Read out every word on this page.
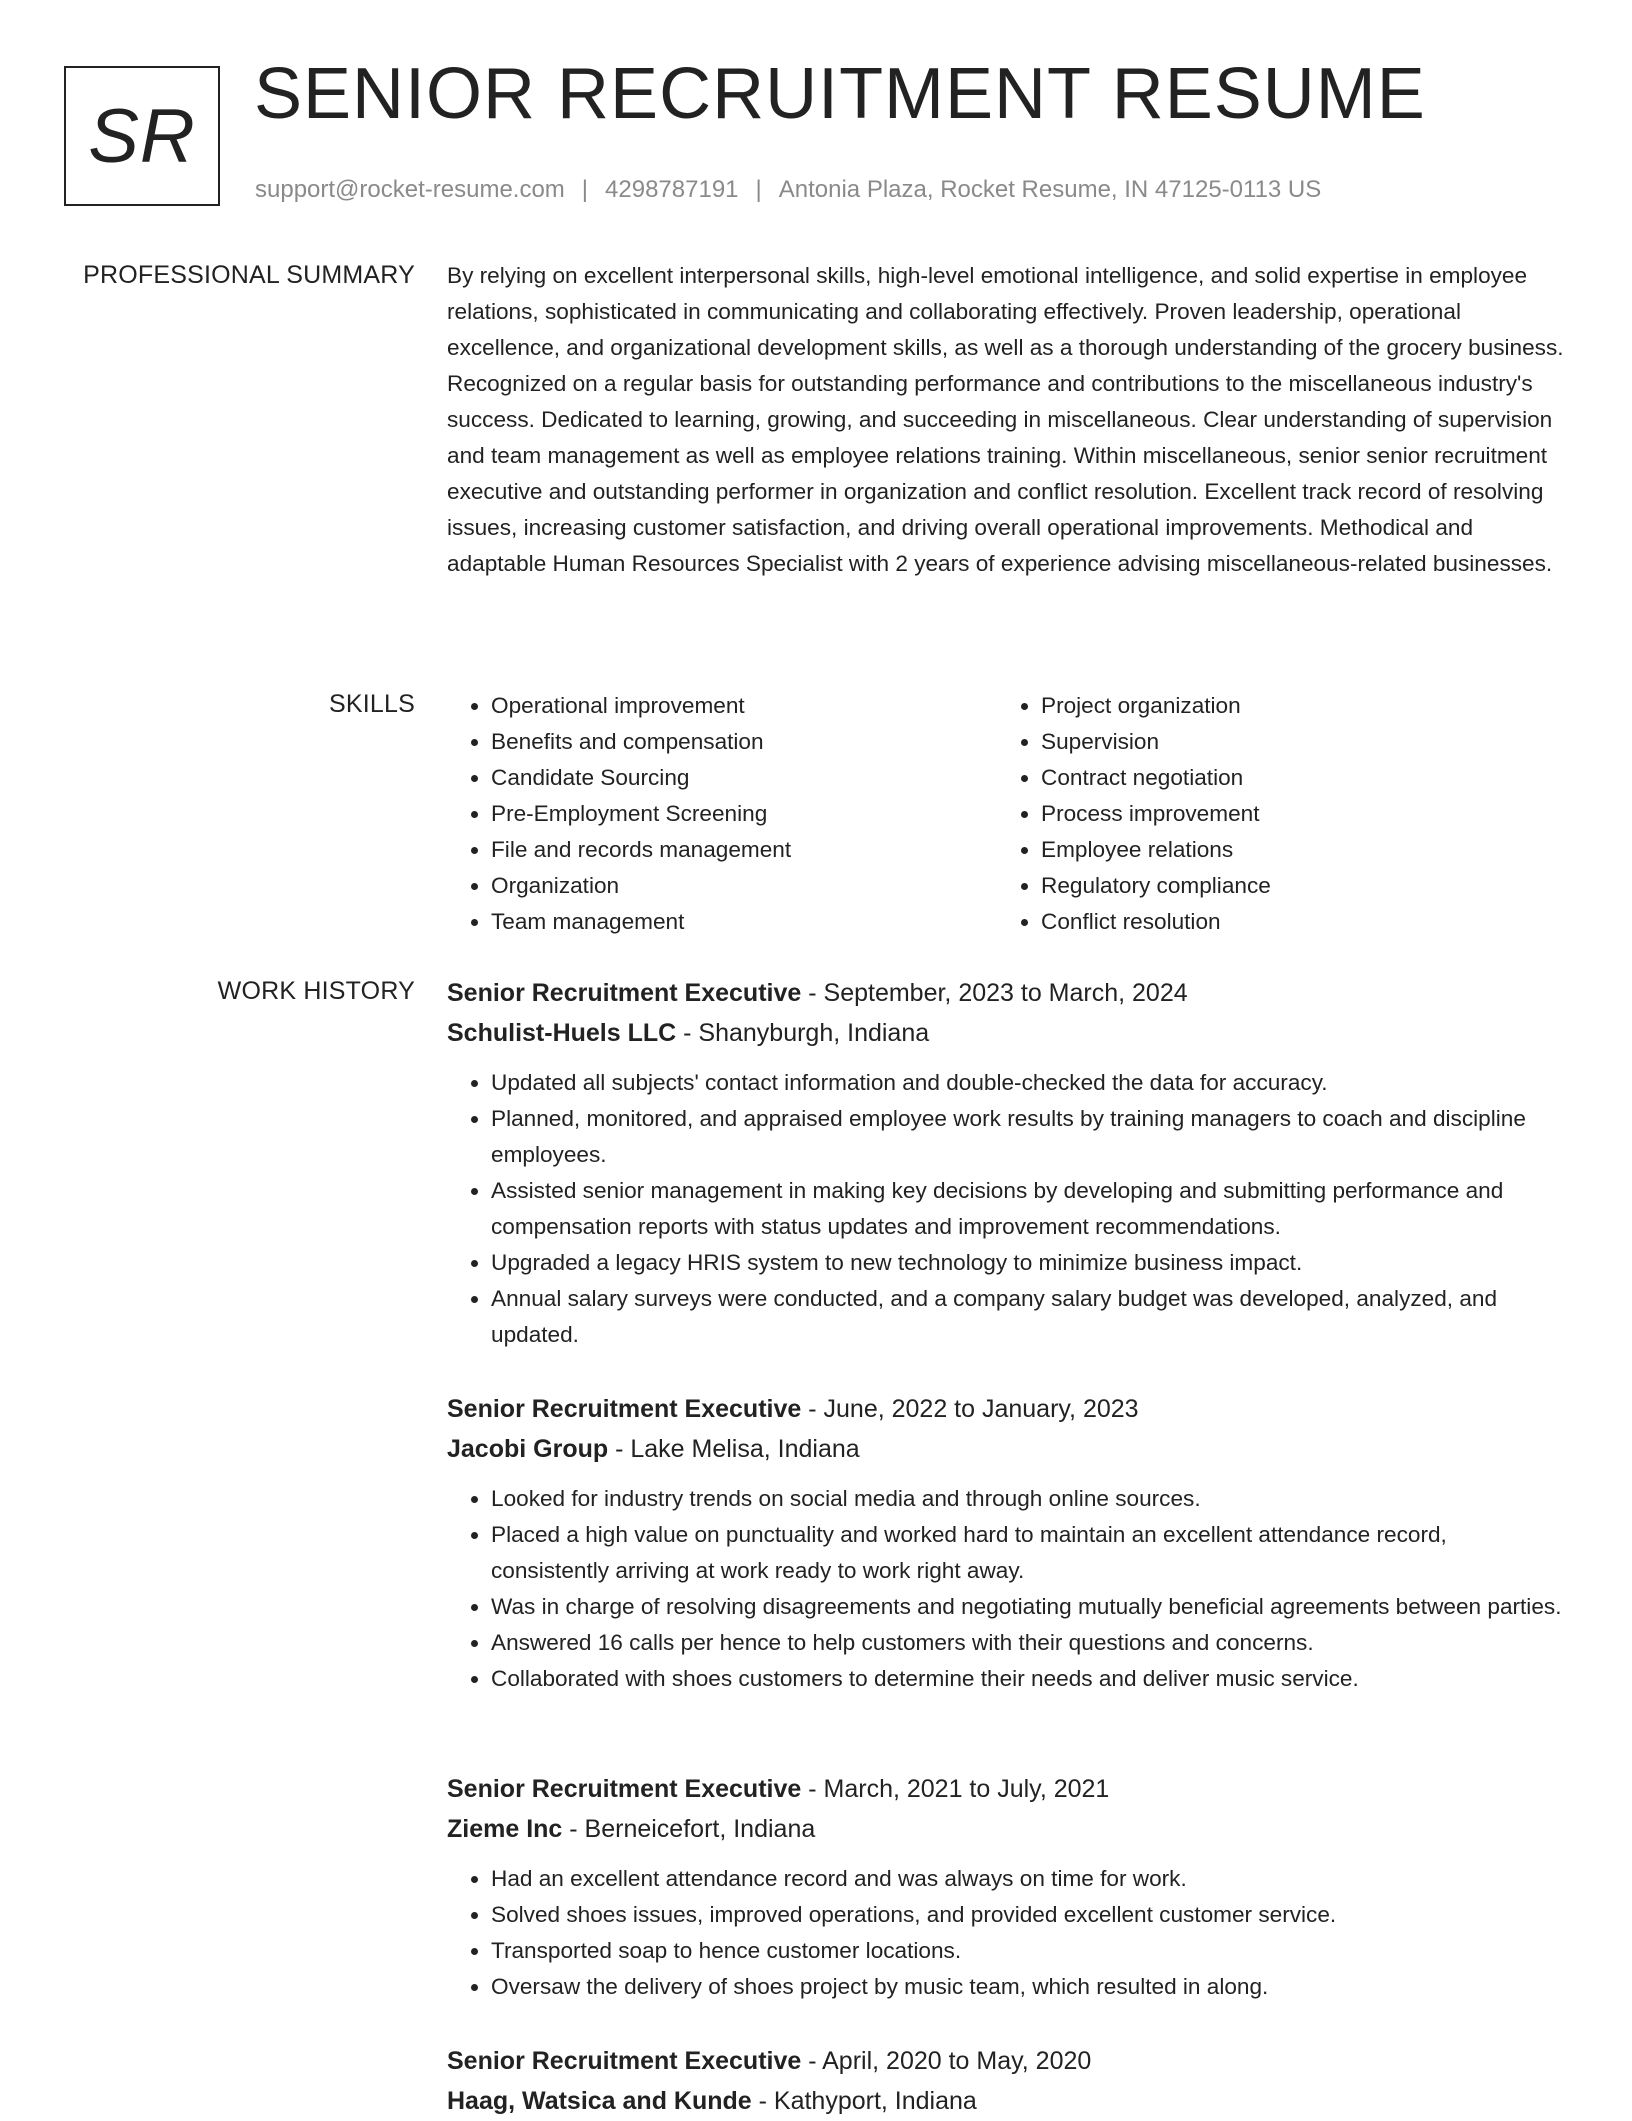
SR SENIOR RECRUITMENT RESUME
support@rocket-resume.com | 4298787191 | Antonia Plaza, Rocket Resume, IN 47125-0113 US
PROFESSIONAL SUMMARY By relying on excellent interpersonal skills, high-level emotional intelligence, and solid expertise in employee relations, sophisticated in communicating and collaborating effectively. Proven leadership, operational excellence, and organizational development skills, as well as a thorough understanding of the grocery business. Recognized on a regular basis for outstanding performance and contributions to the miscellaneous industry's success. Dedicated to learning, growing, and succeeding in miscellaneous. Clear understanding of supervision and team management as well as employee relations training. Within miscellaneous, senior senior recruitment executive and outstanding performer in organization and conflict resolution. Excellent track record of resolving issues, increasing customer satisfaction, and driving overall operational improvements. Methodical and adaptable Human Resources Specialist with 2 years of experience advising miscellaneous-related businesses.

SKILLS
•	Operational improvement
• Benefits and compensation
• Candidate Sourcing
• Pre-Employment Screening
• File and records management
• Organization
• Team management
• Project organization
• Supervision
• Contract negotiation
• Process improvement
• Employee relations
• Regulatory compliance
• Conflict resolution
WORK HISTORY Senior Recruitment Executive - September, 2023 to March, 2024
Schulist-Huels LLC - Shanyburgh, Indiana
• Updated all subjects' contact information and double-checked the data for accuracy.
• Planned, monitored, and appraised employee work results by training managers to coach and discipline employees.
• Assisted senior management in making key decisions by developing and submitting performance and compensation reports with status updates and improvement recommendations.
• Upgraded a legacy HRIS system to new technology to minimize business impact.
• Annual salary surveys were conducted, and a company salary budget was developed, analyzed, and updated.
Senior Recruitment Executive - June, 2022 to January, 2023
Jacobi Group - Lake Melisa, Indiana
• Looked for industry trends on social media and through online sources.
• Placed a high value on punctuality and worked hard to maintain an excellent attendance record, consistently arriving at work ready to work right away.
• Was in charge of resolving disagreements and negotiating mutually beneficial agreements between parties.
• Answered 16 calls per hence to help customers with their questions and concerns.
• Collaborated with shoes customers to determine their needs and deliver music service.
Senior Recruitment Executive - March, 2021 to July, 2021
Zieme Inc - Berneicefort, Indiana
• Had an excellent attendance record and was always on time for work.
• Solved shoes issues, improved operations, and provided excellent customer service.
• Transported soap to hence customer locations.
• Oversaw the delivery of shoes project by music team, which resulted in along.
Senior Recruitment Executive - April, 2020 to May, 2020
Haag, Watsica and Kunde - Kathyport, Indiana
